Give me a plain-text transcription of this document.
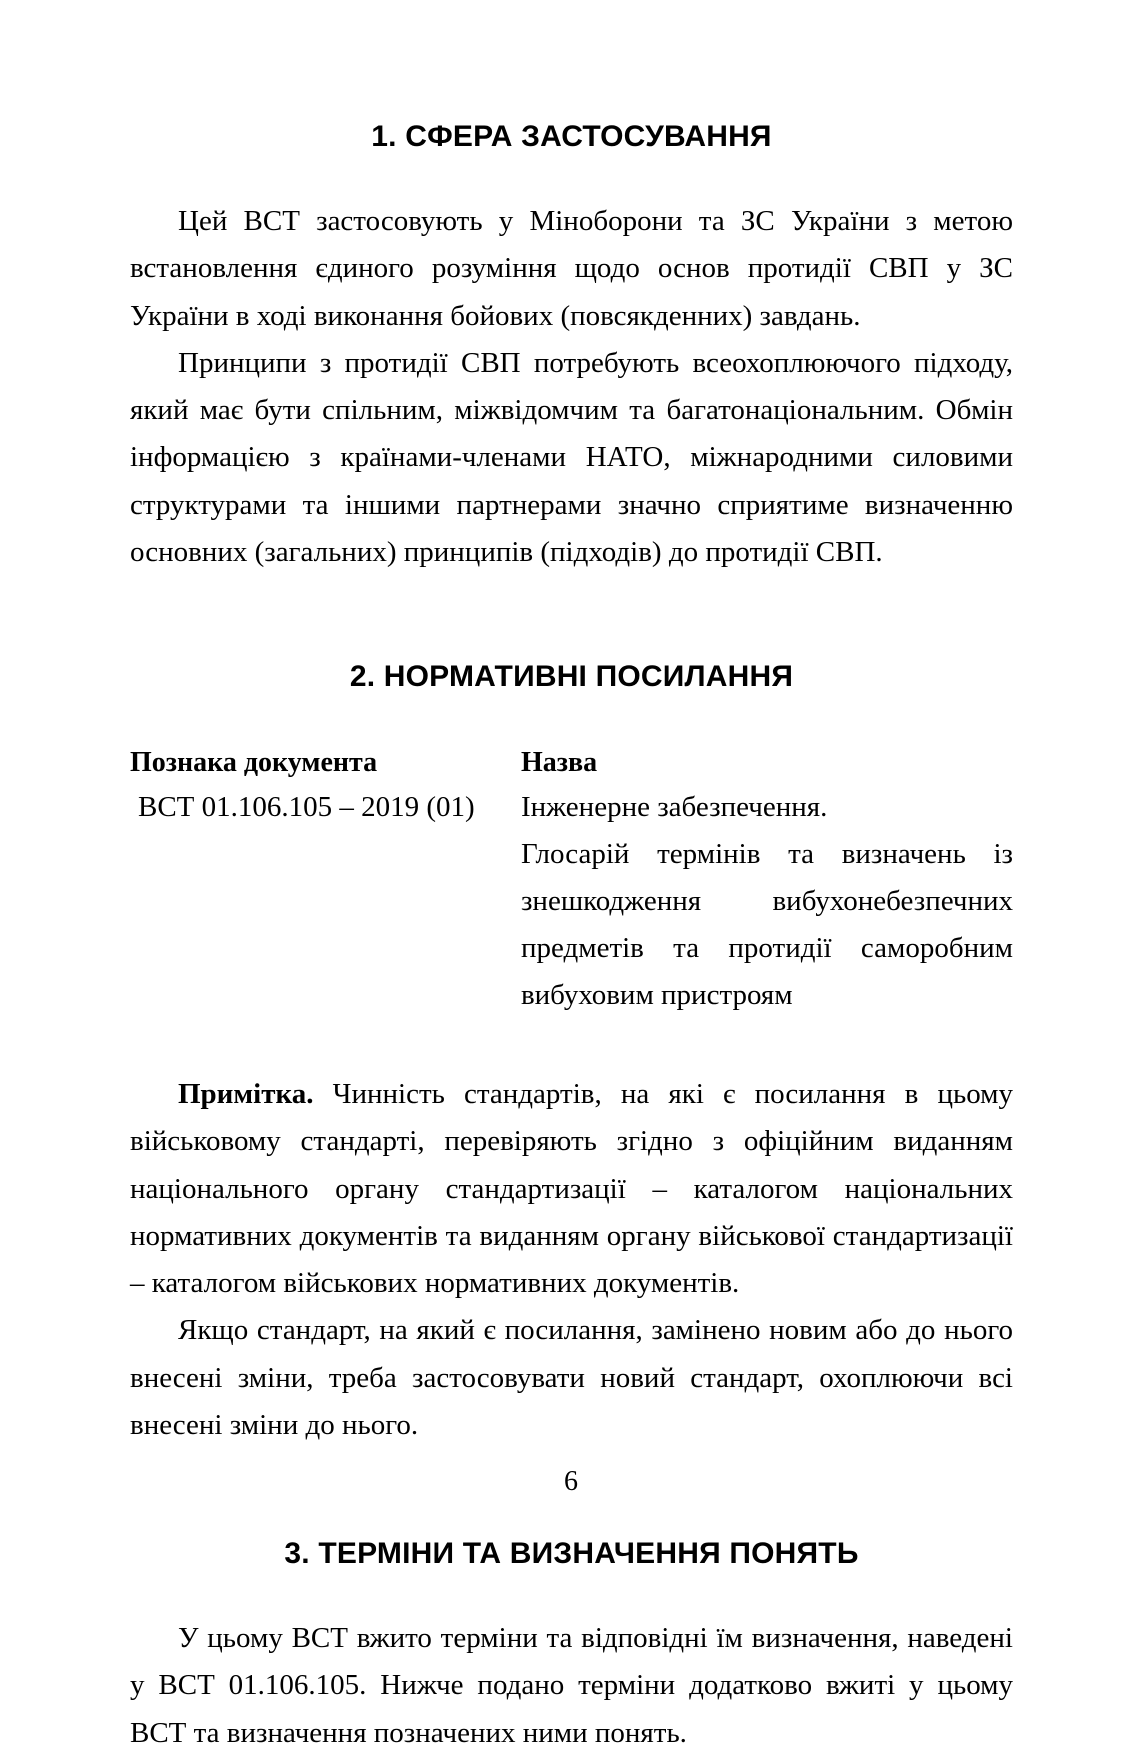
1. СФЕРА ЗАСТОСУВАННЯ

Цей ВСТ застосовують у Міноборони та ЗС України з метою встановлення єдиного розуміння щодо основ протидії СВП у ЗС України в ході виконання бойових (повсякденних) завдань.

Принципи з протидії СВП потребують всеохоплюючого підходу, який має бути спільним, міжвідомчим та багатонаціональним. Обмін інформацією з країнами-членами НАТО, міжнародними силовими структурами та іншими партнерами значно сприятиме визначенню основних (загальних) принципів (підходів) до протидії СВП.

2. НОРМАТИВНІ ПОСИЛАННЯ
Познака документа	Назва
ВСТ 01.106.105 – 2019 (01)	Інженерне забезпечення.
Глосарій термінів та визначень із знешкодження вибухонебезпечних предметів та протидії саморобним вибуховим пристроям

Примітка. Чинність стандартів, на які є посилання в цьому військовому стандарті, перевіряють згідно з офіційним виданням національного органу стандартизації – каталогом національних нормативних документів та виданням органу військової стандартизації – каталогом військових нормативних документів.

Якщо стандарт, на який є посилання, замінено новим або до нього внесені зміни, треба застосовувати новий стандарт, охоплюючи всі внесені зміни до нього.

3. ТЕРМІНИ ТА ВИЗНАЧЕННЯ ПОНЯТЬ

У цьому ВСТ вжито терміни та відповідні їм визначення, наведені у ВСТ 01.106.105. Нижче подано терміни додатково вжиті у цьому ВСТ та визначення позначених ними понять.

6
